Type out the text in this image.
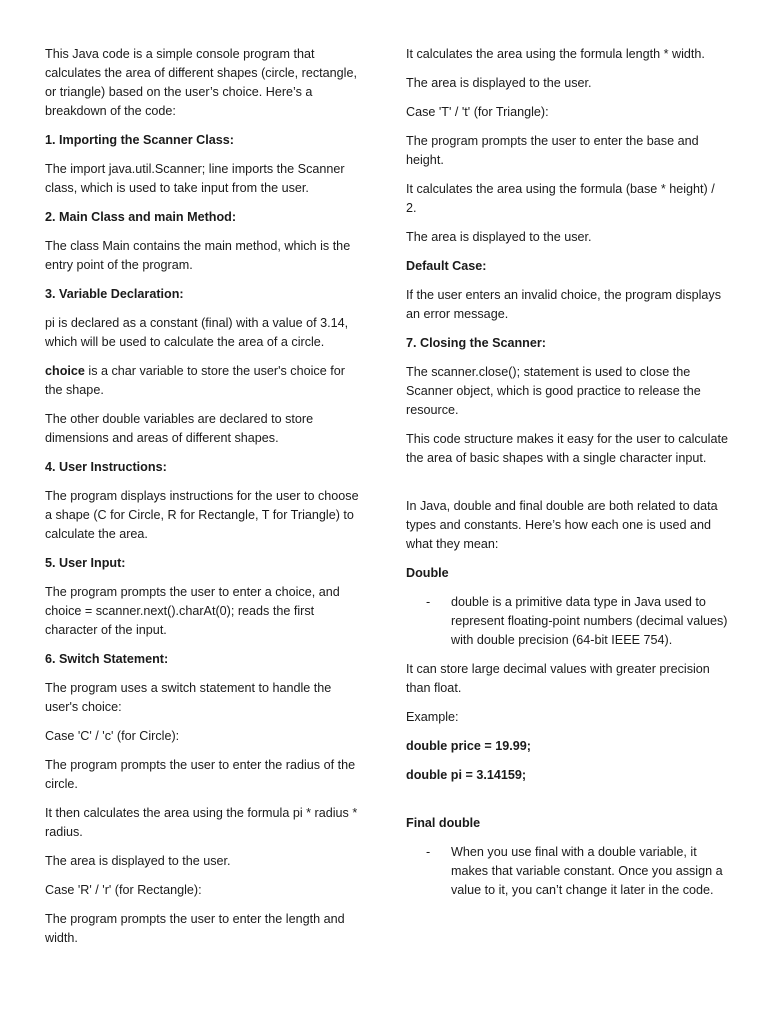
This Java code is a simple console program that calculates the area of different shapes (circle, rectangle, or triangle) based on the user’s choice. Here’s a breakdown of the code:

1. Importing the Scanner Class:

The import java.util.Scanner; line imports the Scanner class, which is used to take input from the user.

2. Main Class and main Method:

The class Main contains the main method, which is the entry point of the program.

3. Variable Declaration:

pi is declared as a constant (final) with a value of 3.14, which will be used to calculate the area of a circle.

choice is a char variable to store the user's choice for the shape.

The other double variables are declared to store dimensions and areas of different shapes.

4. User Instructions:

The program displays instructions for the user to choose a shape (C for Circle, R for Rectangle, T for Triangle) to calculate the area.

5. User Input:

The program prompts the user to enter a choice, and choice = scanner.next().charAt(0); reads the first character of the input.

6. Switch Statement:

The program uses a switch statement to handle the user's choice:

Case 'C' / 'c' (for Circle):

The program prompts the user to enter the radius of the circle.

It then calculates the area using the formula pi * radius * radius.

The area is displayed to the user.

Case 'R' / 'r' (for Rectangle):

The program prompts the user to enter the length and width.

It calculates the area using the formula length * width.

The area is displayed to the user.

Case 'T' / 't' (for Triangle):

The program prompts the user to enter the base and height.

It calculates the area using the formula (base * height) / 2.

The area is displayed to the user.

Default Case:

If the user enters an invalid choice, the program displays an error message.

7. Closing the Scanner:

The scanner.close(); statement is used to close the Scanner object, which is good practice to release the resource.

This code structure makes it easy for the user to calculate the area of basic shapes with a single character input.

In Java, double and final double are both related to data types and constants. Here’s how each one is used and what they mean:

Double

-	double is a primitive data type in Java used to represent floating-point numbers (decimal values) with double precision (64-bit IEEE 754).

It can store large decimal values with greater precision than float.

Example:

double price = 19.99;

double pi = 3.14159;

Final double

-	When you use final with a double variable, it makes that variable constant. Once you assign a value to it, you can’t change it later in the code.
